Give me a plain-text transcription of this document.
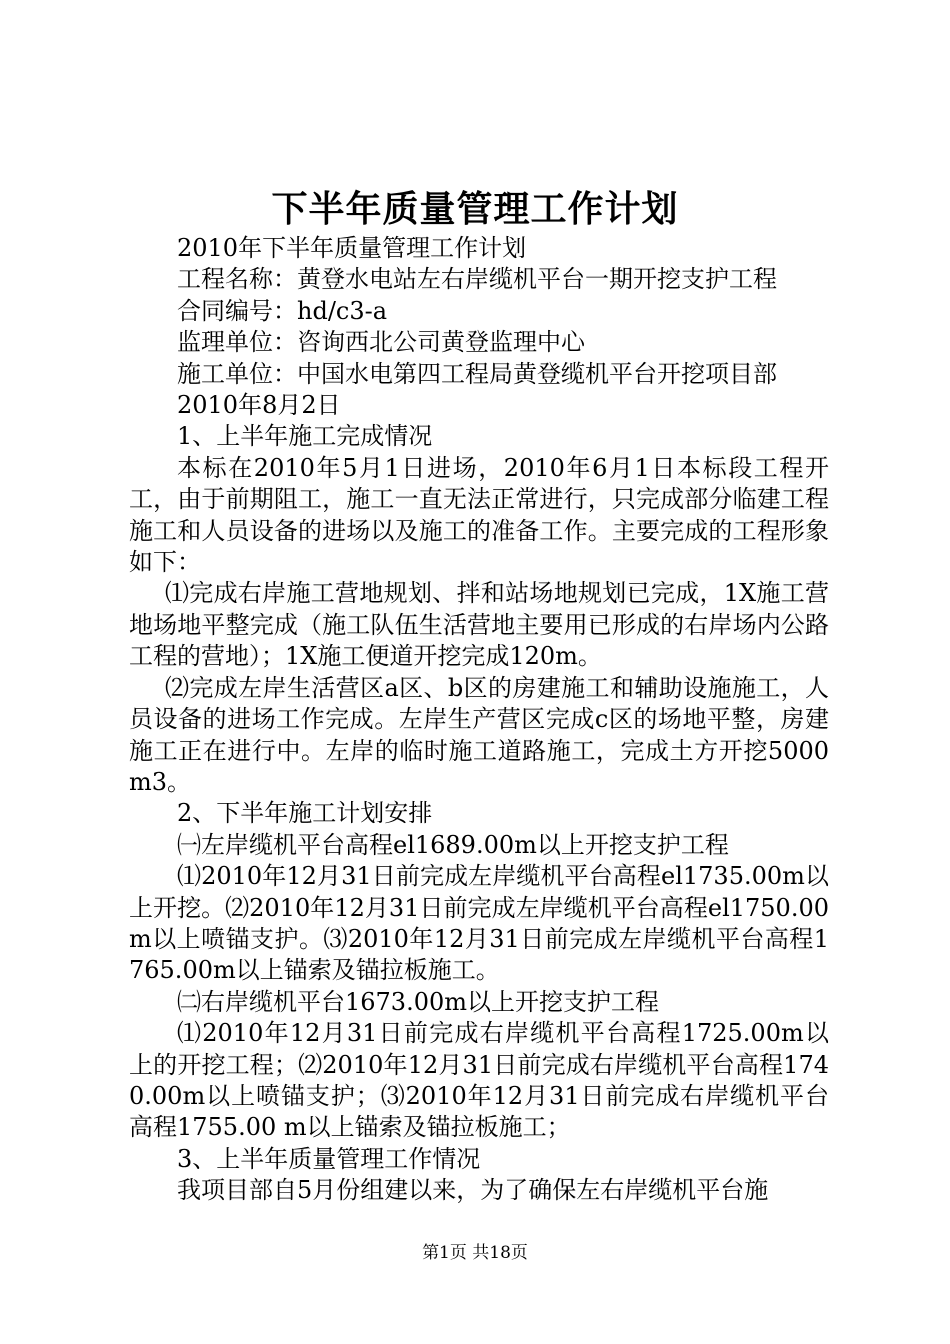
下半年质量管理工作计划

2010年下半年质量管理工作计划

工程名称：黄登水电站左右岸缆机平台一期开挖支护工程

合同编号：hd/c3-a

监理单位：咨询西北公司黄登监理中心

施工单位：中国水电第四工程局黄登缆机平台开挖项目部

2010年8月2日

1、上半年施工完成情况

本标在2010年5月1日进场，2010年6月1日本标段工程开工，由于前期阻工，施工一直无法正常进行，只完成部分临建工程施工和人员设备的进场以及施工的准备工作。主要完成的工程形象如下：

⑴完成右岸施工营地规划、拌和站场地规划已完成，1X施工营地场地平整完成（施工队伍生活营地主要用已形成的右岸场内公路工程的营地）；1X施工便道开挖完成120m。

⑵完成左岸生活营区a区、b区的房建施工和辅助设施施工，人员设备的进场工作完成。左岸生产营区完成c区的场地平整，房建施工正在进行中。左岸的临时施工道路施工，完成土方开挖5000m3。

2、下半年施工计划安排

㈠左岸缆机平台高程el1689.00m以上开挖支护工程

⑴2010年12月31日前完成左岸缆机平台高程el1735.00m以上开挖。⑵2010年12月31日前完成左岸缆机平台高程el1750.00m以上喷锚支护。⑶2010年12月31日前完成左岸缆机平台高程1765.00m以上锚索及锚拉板施工。

㈡右岸缆机平台1673.00m以上开挖支护工程

⑴2010年12月31日前完成右岸缆机平台高程1725.00m以上的开挖工程；⑵2010年12月31日前完成右岸缆机平台高程1740.00m以上喷锚支护；⑶2010年12月31日前完成右岸缆机平台高程1755.00 m以上锚索及锚拉板施工；

3、上半年质量管理工作情况

我项目部自5月份组建以来，为了确保左右岸缆机平台施

第1页 共18页
